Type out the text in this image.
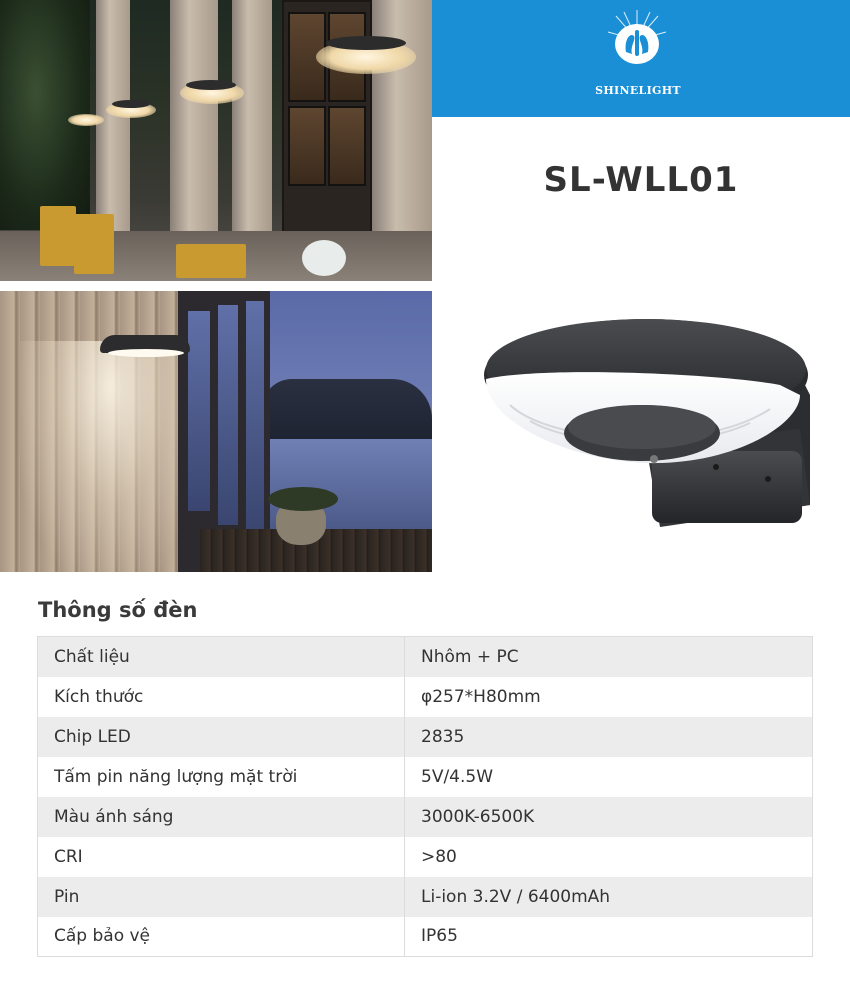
SHINELIGHT
SL-WLL01
Thông số đèn
Chất liệu	Nhôm + PC
Kích thước	φ257*H80mm
Chip LED	2835
Tấm pin năng lượng mặt trời	5V/4.5W
Màu ánh sáng	3000K-6500K
CRI	>80
Pin	Li-ion 3.2V / 6400mAh
Cấp bảo vệ	IP65
